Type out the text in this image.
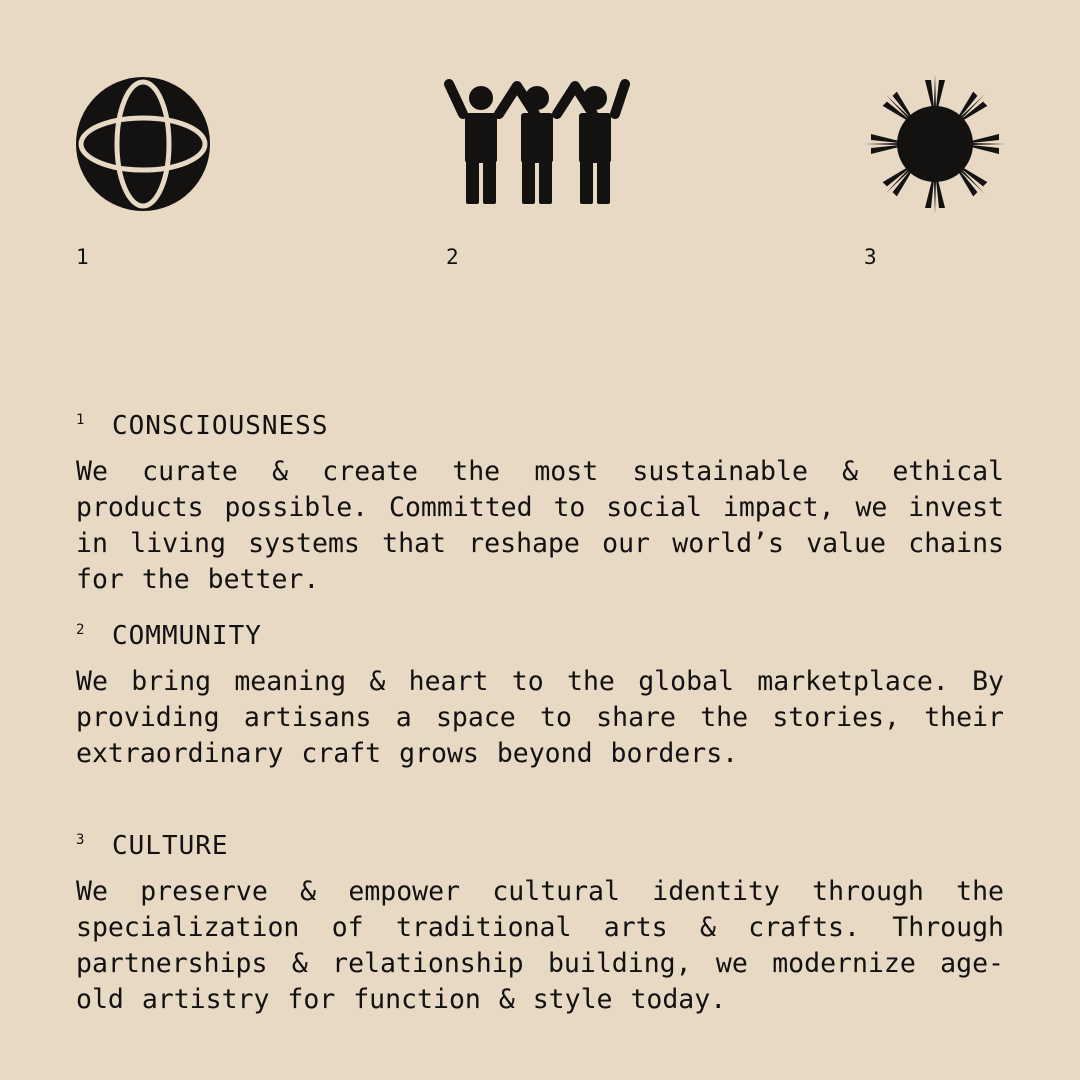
1	2	3
1	CONSCIOUSNESS

We curate & create the most sustainable & ethical products possible. Committed to social impact, we invest in living systems that reshape our world’s value chains for the better.

2	COMMUNITY

We bring meaning & heart to the global marketplace. By providing artisans a space to share the stories, their extraordinary craft grows beyond borders.

3	CULTURE

We preserve & empower cultural identity through the specialization of traditional arts & crafts. Through partnerships & relationship building, we modernize age-old artistry for function & style today.
